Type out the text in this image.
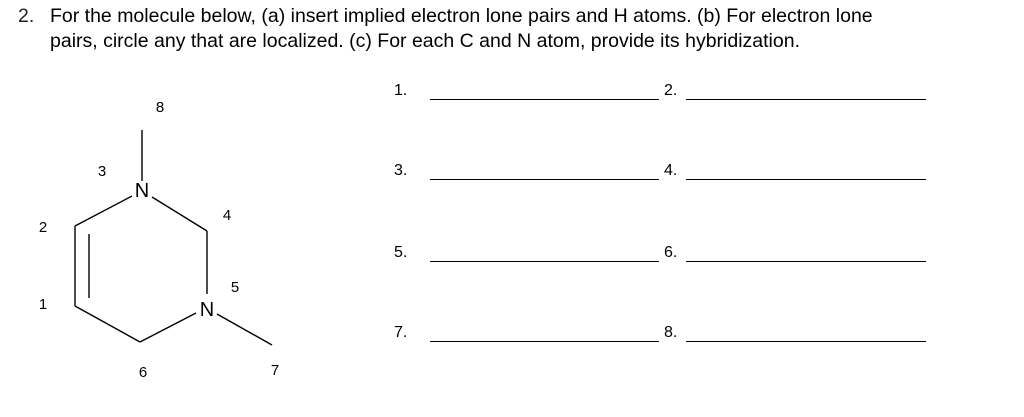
2. For the molecule below, (a) insert implied electron lone pairs and H atoms. (b) For electron lone
pairs, circle any that are localized. (c) For each C and N atom, provide its hybridization.
N
N
8
3
4
2
5
1
6	7
1.	2.
3.	4.
5.	6.
7.	8.
